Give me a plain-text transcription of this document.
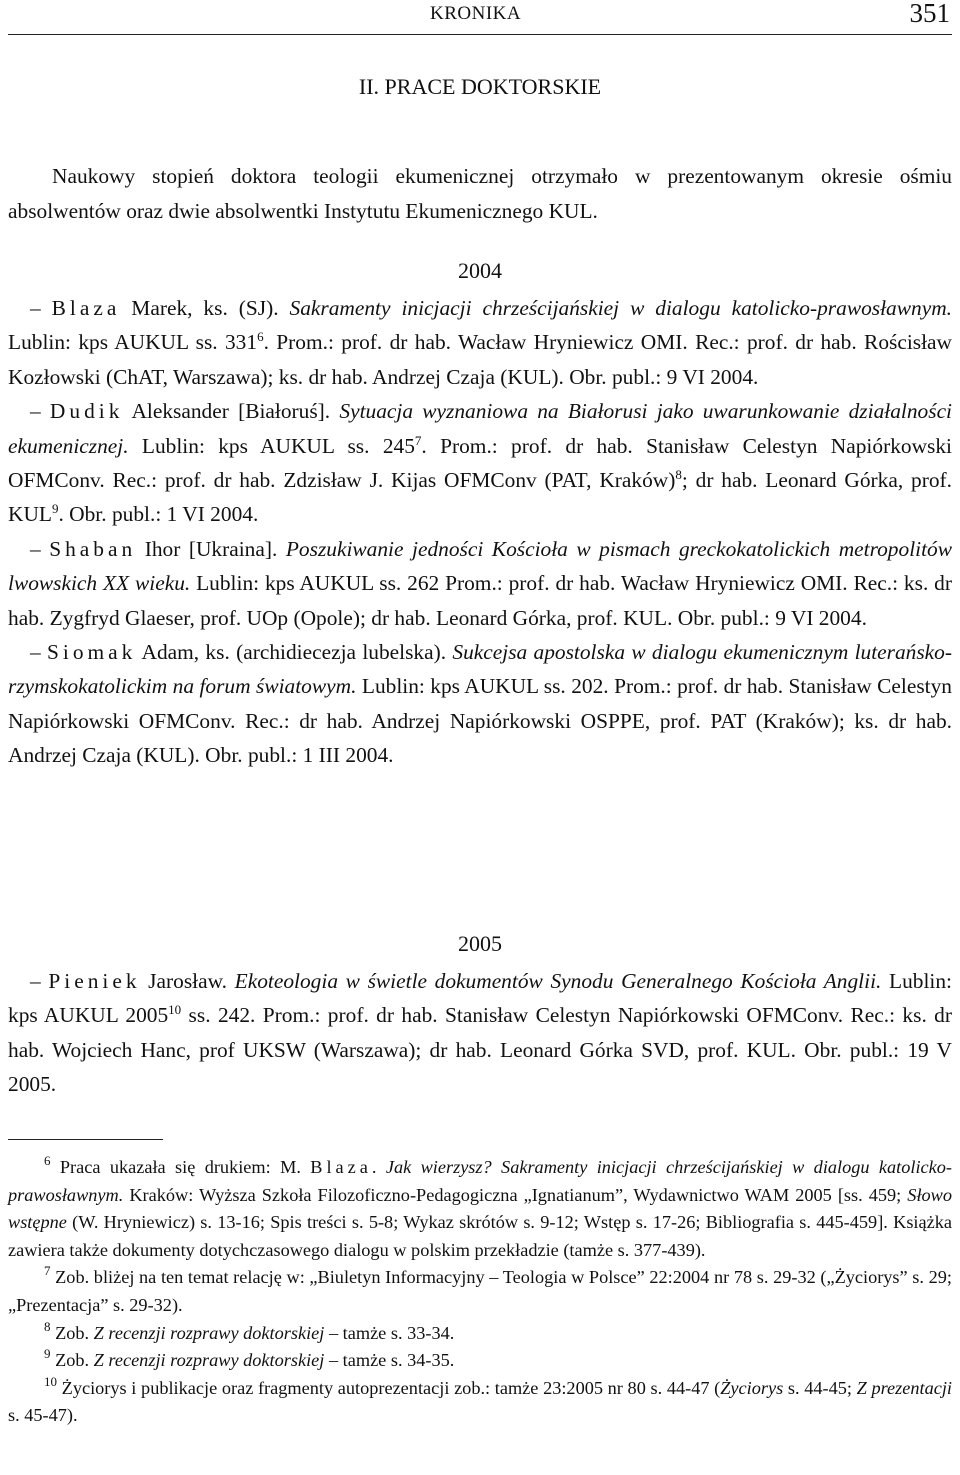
KRONIKA	351
II. PRACE DOKTORSKIE

Naukowy stopień doktora teologii ekumenicznej otrzymało w prezentowanym okresie ośmiu absolwentów oraz dwie absolwentki Instytutu Ekumenicznego KUL.

2004

– Blaza Marek, ks. (SJ). Sakramenty inicjacji chrześcijańskiej w dialogu katolicko-prawosławnym. Lublin: kps AUKUL ss. $331^6$. Prom.: prof. dr hab. Wacław Hryniewicz OMI. Rec.: prof. dr hab. Rościsław Kozłowski (ChAT, Warszawa); ks. dr hab. Andrzej Czaja (KUL). Obr. publ.: 9 VI 2004.

– Dudik Aleksander [Białoruś]. Sytuacja wyznaniowa na Białorusi jako uwarunkowanie działalności ekumenicznej. Lublin: kps AUKUL ss. $245^7$. Prom.: prof. dr hab. Stanisław Celestyn Napiórkowski OFMConv. Rec.: prof. dr hab. Zdzisław J. Kijas OFMConv (PAT, Kraków)$^8$; dr hab. Leonard Górka, prof. KUL$^9$. Obr. publ.: 1 VI 2004.

– Shaban Ihor [Ukraina]. Poszukiwanie jedności Kościoła w pismach greckokatolickich metropolitów lwowskich XX wieku. Lublin: kps AUKUL ss. 262 Prom.: prof. dr hab. Wacław Hryniewicz OMI. Rec.: ks. dr hab. Zygfryd Glaeser, prof. UOp (Opole); dr hab. Leonard Górka, prof. KUL. Obr. publ.: 9 VI 2004.

– Siomak Adam, ks. (archidiecezja lubelska). Sukcejsa apostolska w dialogu ekumenicznym luterańsko-rzymskokatolickim na forum światowym. Lublin: kps AUKUL ss. 202. Prom.: prof. dr hab. Stanisław Celestyn Napiórkowski OFMConv. Rec.: dr hab. Andrzej Napiórkowski OSPPE, prof. PAT (Kraków); ks. dr hab. Andrzej Czaja (KUL). Obr. publ.: 1 III 2004.

2005

– Pieniek Jarosław. Ekoteologia w świetle dokumentów Synodu Generalnego Kościoła Anglii. Lublin: kps AUKUL 2005$^{10}$ ss. 242. Prom.: prof. dr hab. Stanisław Celestyn Napiórkowski OFMConv. Rec.: ks. dr hab. Wojciech Hanc, prof UKSW (Warszawa); dr hab. Leonard Górka SVD, prof. KUL. Obr. publ.: 19 V 2005.

$^6$ Praca ukazała się drukiem: M. Blaza. Jak wierzysz? Sakramenty inicjacji chrześcijańskiej w dialogu katolicko-prawosławnym. Kraków: Wyższa Szkoła Filozoficzno-Pedagogiczna „Ignatianum”, Wydawnictwo WAM 2005 [ss. 459; Słowo wstępne (W. Hryniewicz) s. 13-16; Spis treści s. 5-8; Wykaz skrótów s. 9-12; Wstęp s. 17-26; Bibliografia s. 445-459]. Książka zawiera także dokumenty dotychczasowego dialogu w polskim przekładzie (tamże s. 377-439).

$^7$ Zob. bliżej na ten temat relację w: „Biuletyn Informacyjny – Teologia w Polsce” 22:2004 nr 78 s. 29-32 („Życiorys” s. 29; „Prezentacja” s. 29-32).

$^8$ Zob. Z recenzji rozprawy doktorskiej – tamże s. 33-34.

$^9$ Zob. Z recenzji rozprawy doktorskiej – tamże s. 34-35.

$^{10}$ Życiorys i publikacje oraz fragmenty autoprezentacji zob.: tamże 23:2005 nr 80 s. 44-47 (Życiorys s. 44-45; Z prezentacji s. 45-47).
